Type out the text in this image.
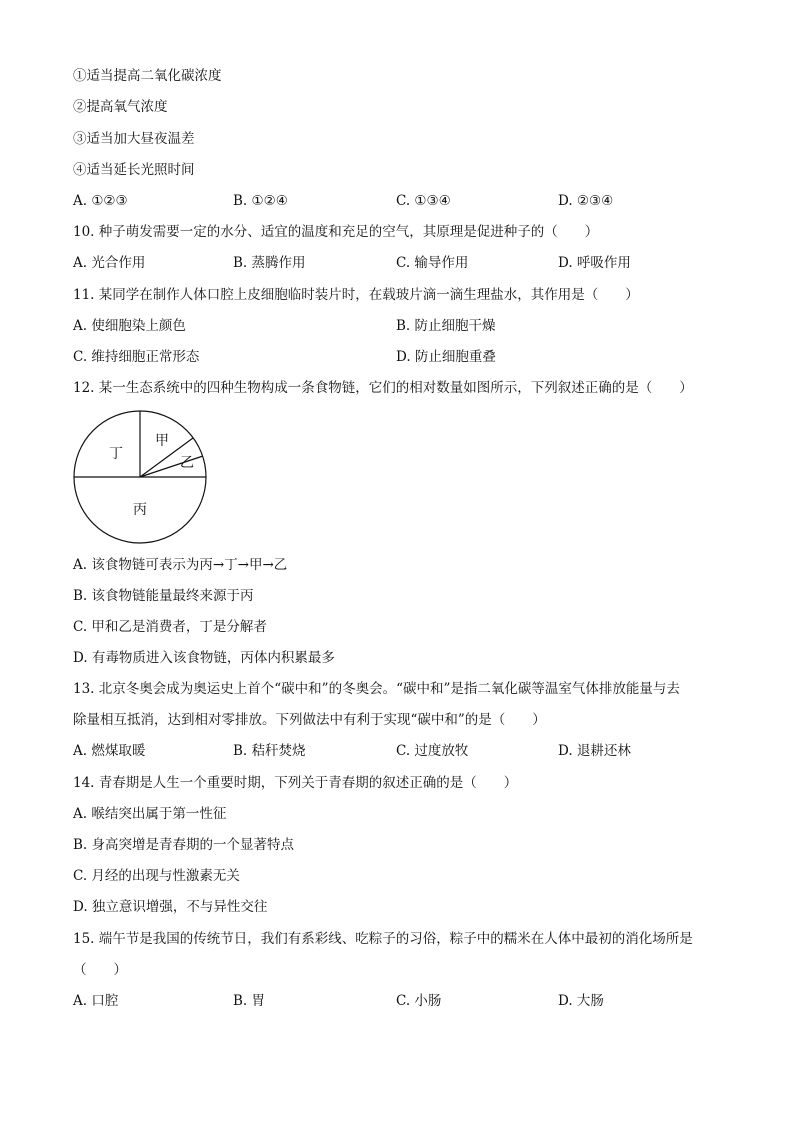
①适当提高二氧化碳浓度
②提高氧气浓度
③适当加大昼夜温差
④适当延长光照时间
A. ①②③	B. ①②④	C. ①③④	D. ②③④
10. 种子萌发需要一定的水分、适宜的温度和充足的空气，其原理是促进种子的（　　）
A. 光合作用	B. 蒸腾作用	C. 输导作用	D. 呼吸作用
11. 某同学在制作人体口腔上皮细胞临时装片时，在载玻片滴一滴生理盐水，其作用是（　　）
A. 使细胞染上颜色	B. 防止细胞干燥
C. 维持细胞正常形态	D. 防止细胞重叠
12. 某一生态系统中的四种生物构成一条食物链，它们的相对数量如图所示，下列叙述正确的是（　　）
丁
甲
乙
丙
A. 该食物链可表示为丙→丁→甲→乙
B. 该食物链能量最终来源于丙
C. 甲和乙是消费者，丁是分解者
D. 有毒物质进入该食物链，丙体内积累最多
13. 北京冬奥会成为奥运史上首个“碳中和”的冬奥会。“碳中和”是指二氧化碳等温室气体排放能量与去
除量相互抵消，达到相对零排放。下列做法中有利于实现“碳中和”的是（　　）
A. 燃煤取暖	B. 秸秆焚烧	C. 过度放牧	D. 退耕还林
14. 青春期是人生一个重要时期，下列关于青春期的叙述正确的是（　　）
A. 喉结突出属于第一性征
B. 身高突增是青春期的一个显著特点
C. 月经的出现与性激素无关
D. 独立意识增强，不与异性交往
15. 端午节是我国的传统节日，我们有系彩线、吃粽子的习俗，粽子中的糯米在人体中最初的消化场所是
（　　）
A. 口腔	B. 胃	C. 小肠	D. 大肠
